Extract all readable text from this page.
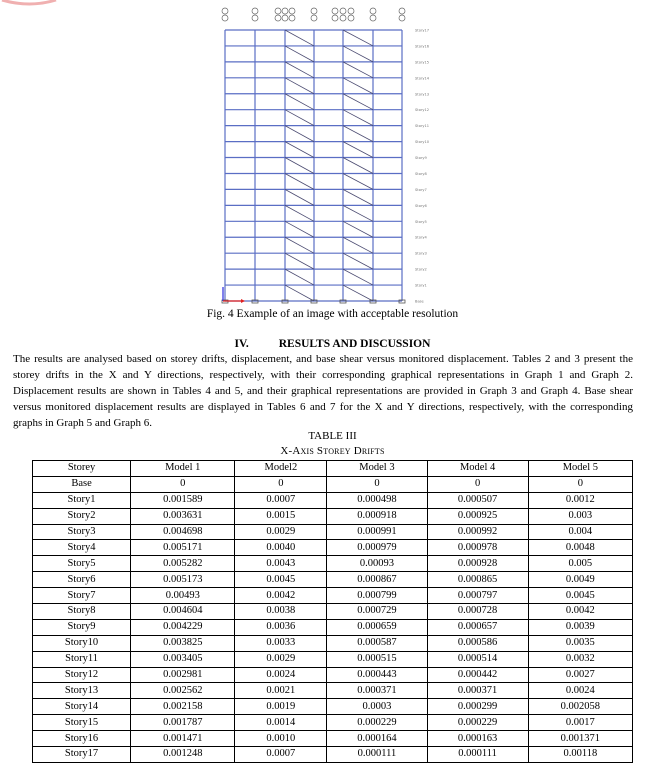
Story17
Story16
Story15
Story14
Story13
Story12
Story11
Story10
Story9
Story8
Story7
Story6
Story5
Story4
Story3
Story2
Story1
Base
Fig. 4 Example of an image with acceptable resolution
IV.	RESULTS AND DISCUSSION
The results are analysed based on storey drifts, displacement, and base shear versus monitored displacement. Tables 2 and 3 present the storey drifts in the X and Y directions, respectively, with their corresponding graphical representations in Graph 1 and Graph 2. Displacement results are shown in Tables 4 and 5, and their graphical representations are provided in Graph 3 and Graph 4. Base shear versus monitored displacement results are displayed in Tables 6 and 7 for the X and Y directions, respectively, with the corresponding graphs in Graph 5 and Graph 6.
TABLE III
X-Axis Storey Drifts
Storey	Model 1	Model2	Model 3	Model 4	Model 5
Base	0	0	0	0	0
Story1	0.001589	0.0007	0.000498	0.000507	0.0012
Story2	0.003631	0.0015	0.000918	0.000925	0.003
Story3	0.004698	0.0029	0.000991	0.000992	0.004
Story4	0.005171	0.0040	0.000979	0.000978	0.0048
Story5	0.005282	0.0043	0.00093	0.000928	0.005
Story6	0.005173	0.0045	0.000867	0.000865	0.0049
Story7	0.00493	0.0042	0.000799	0.000797	0.0045
Story8	0.004604	0.0038	0.000729	0.000728	0.0042
Story9	0.004229	0.0036	0.000659	0.000657	0.0039
Story10	0.003825	0.0033	0.000587	0.000586	0.0035
Story11	0.003405	0.0029	0.000515	0.000514	0.0032
Story12	0.002981	0.0024	0.000443	0.000442	0.0027
Story13	0.002562	0.0021	0.000371	0.000371	0.0024
Story14	0.002158	0.0019	0.0003	0.000299	0.002058
Story15	0.001787	0.0014	0.000229	0.000229	0.0017
Story16	0.001471	0.0010	0.000164	0.000163	0.001371
Story17	0.001248	0.0007	0.000111	0.000111	0.00118
